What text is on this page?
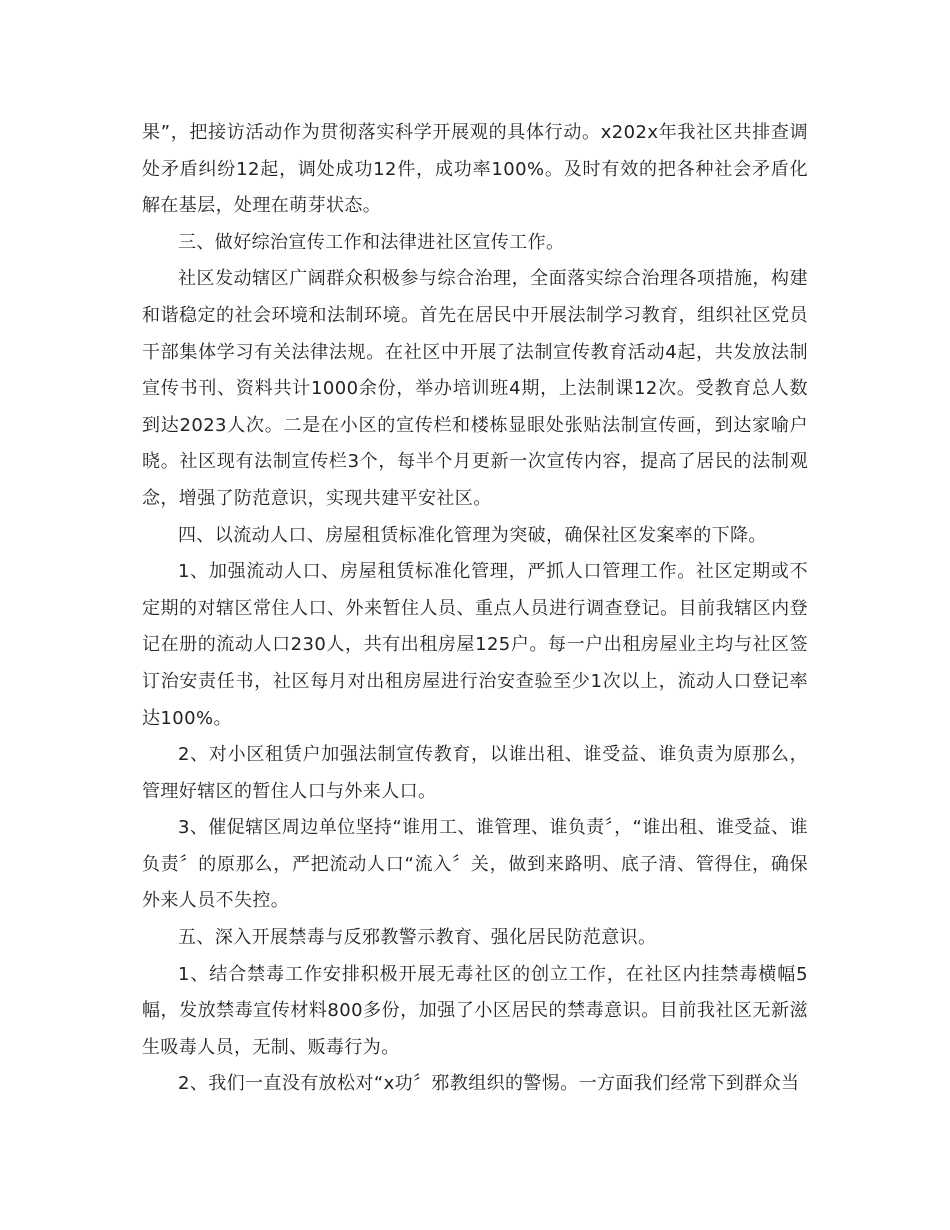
果”，把接访活动作为贯彻落实科学开展观的具体行动。x202x年我社区共排查调处矛盾纠纷12起，调处成功12件，成功率100%。及时有效的把各种社会矛盾化解在基层，处理在萌芽状态。

三、做好综治宣传工作和法律进社区宣传工作。

社区发动辖区广阔群众积极参与综合治理，全面落实综合治理各项措施，构建和谐稳定的社会环境和法制环境。首先在居民中开展法制学习教育，组织社区党员干部集体学习有关法律法规。在社区中开展了法制宣传教育活动4起，共发放法制宣传书刊、资料共计1000余份，举办培训班4期，上法制课12次。受教育总人数到达2023人次。二是在小区的宣传栏和楼栋显眼处张贴法制宣传画，到达家喻户晓。社区现有法制宣传栏3个，每半个月更新一次宣传内容，提高了居民的法制观念，增强了防范意识，实现共建平安社区。

四、以流动人口、房屋租赁标准化管理为突破，确保社区发案率的下降。

1、加强流动人口、房屋租赁标准化管理，严抓人口管理工作。社区定期或不定期的对辖区常住人口、外来暂住人员、重点人员进行调查登记。目前我辖区内登记在册的流动人口230人，共有出租房屋125户。每一户出租房屋业主均与社区签订治安责任书，社区每月对出租房屋进行治安查验至少1次以上，流动人口登记率达100%。

2、对小区租赁户加强法制宣传教育，以谁出租、谁受益、谁负责为原那么，管理好辖区的暂住人口与外来人口。

3、催促辖区周边单位坚持“谁用工、谁管理、谁负责〞，“谁出租、谁受益、谁负责〞的原那么，严把流动人口“流入〞关，做到来路明、底子清、管得住，确保外来人员不失控。

五、深入开展禁毒与反邪教警示教育、强化居民防范意识。

1、结合禁毒工作安排积极开展无毒社区的创立工作，在社区内挂禁毒横幅5幅，发放禁毒宣传材料800多份，加强了小区居民的禁毒意识。目前我社区无新滋生吸毒人员，无制、贩毒行为。

2、我们一直没有放松对“x功〞邪教组织的警惕。一方面我们经常下到群众当
